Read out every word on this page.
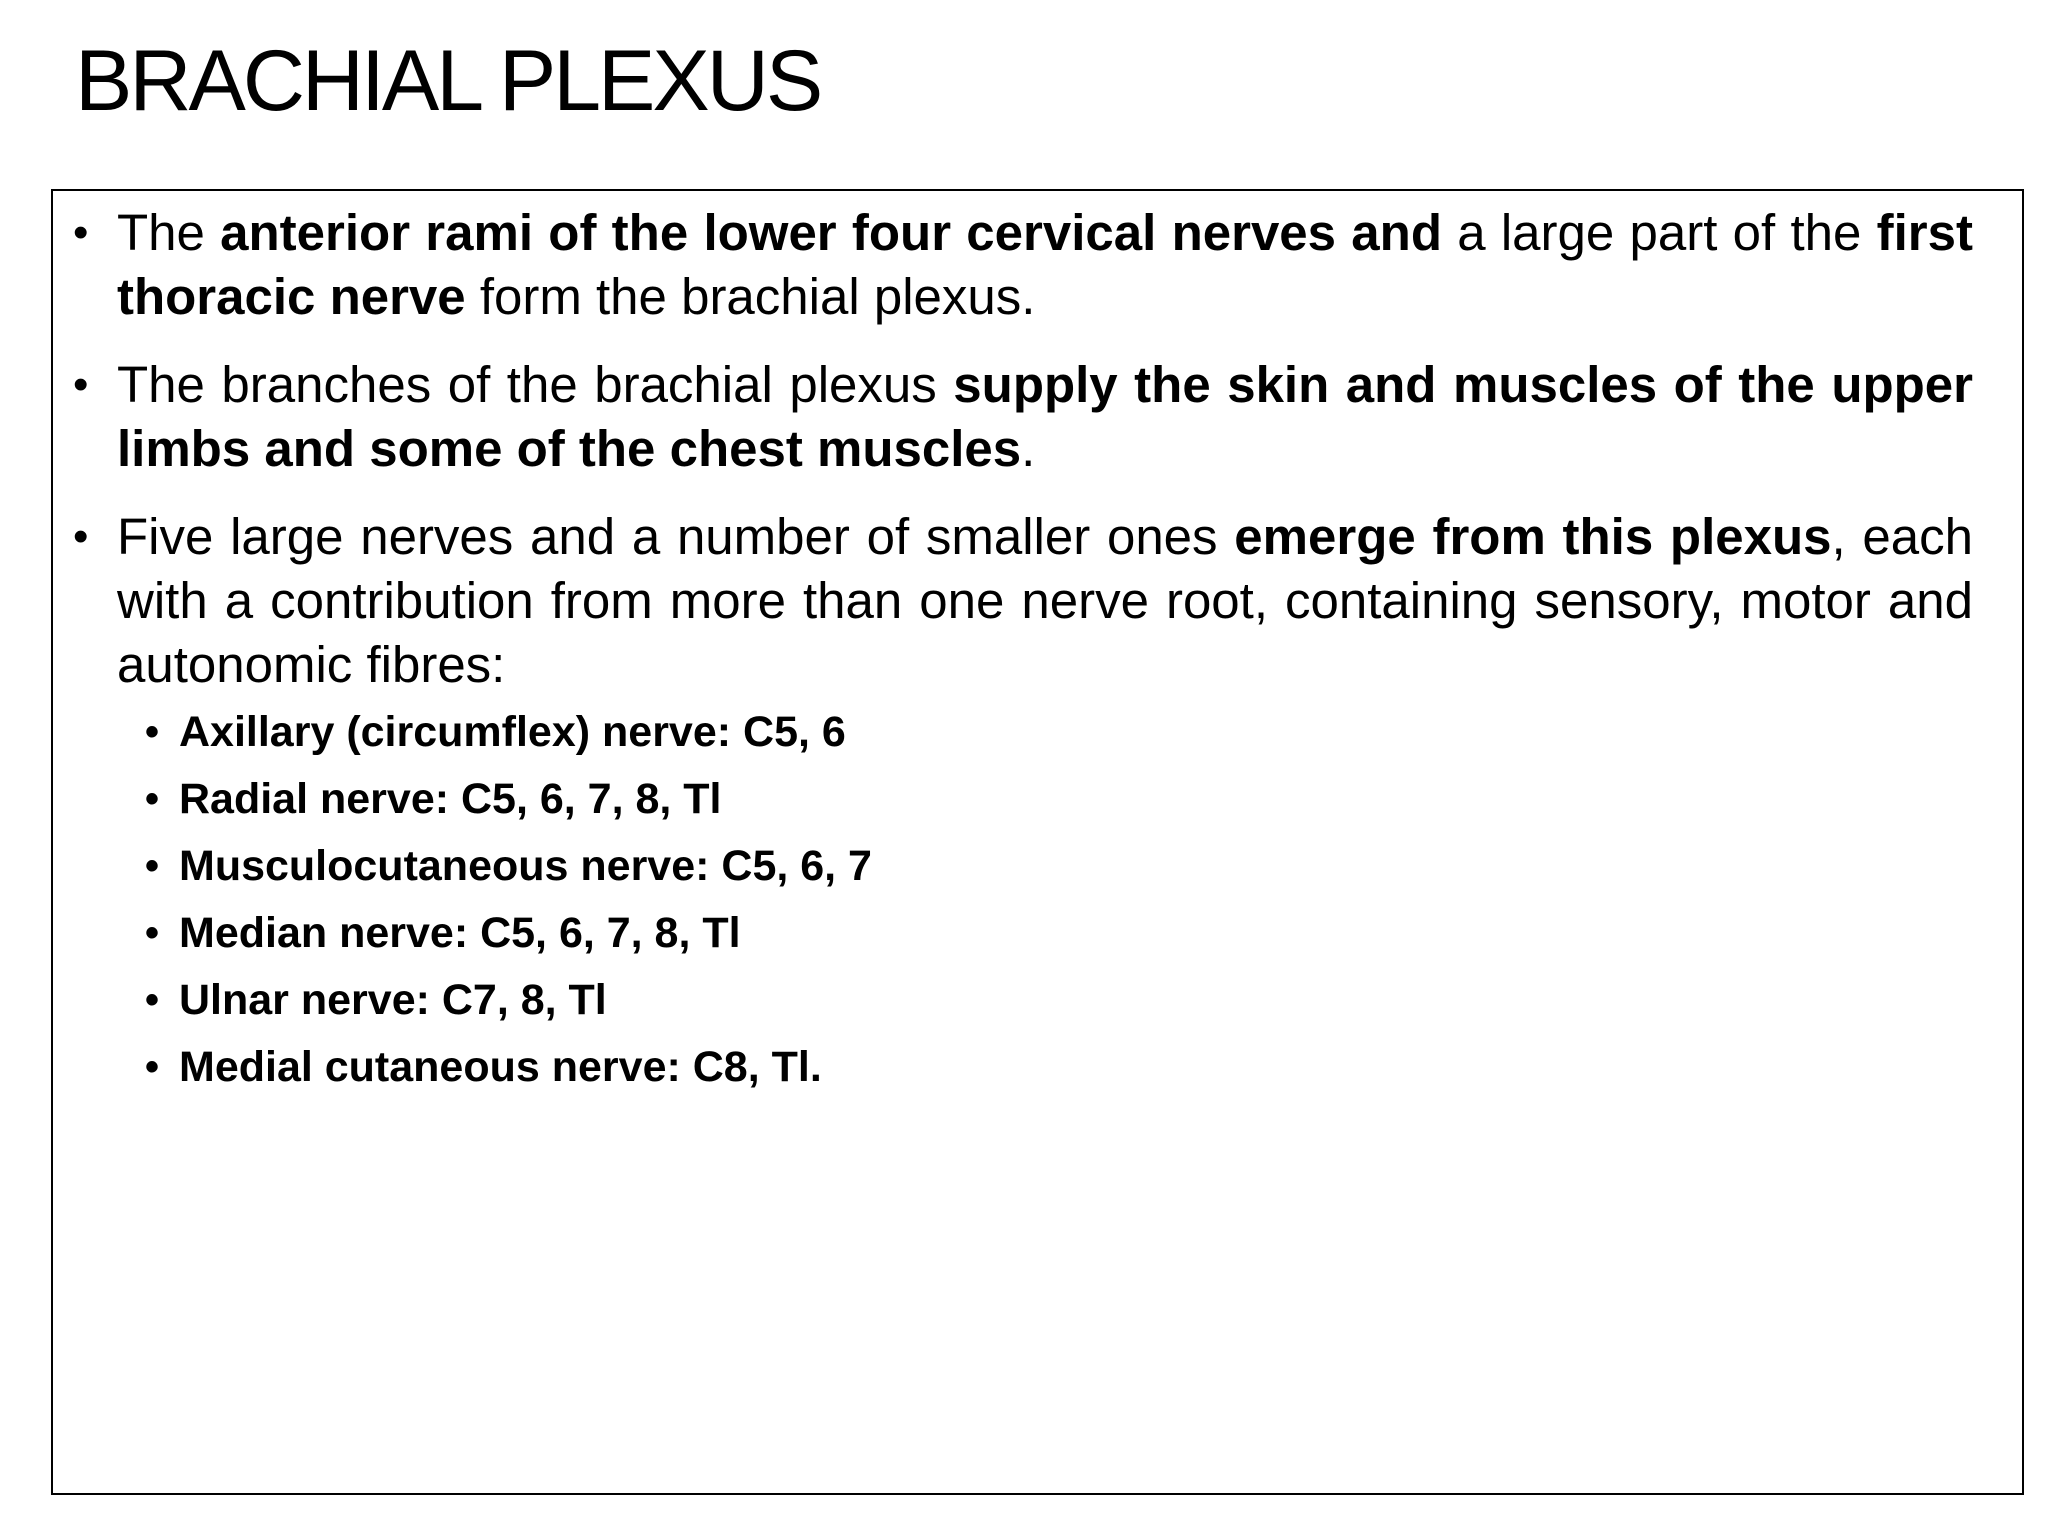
BRACHIAL PLEXUS
• The anterior rami of the lower four cervical nerves and a large part of the first thoracic nerve form the brachial plexus.
• The branches of the brachial plexus supply the skin and muscles of the upper limbs and some of the chest muscles.
• Five large nerves and a number of smaller ones emerge from this plexus, each with a contribution from more than one nerve root, containing sensory, motor and autonomic fibres:
• Axillary (circumflex) nerve: C5, 6
• Radial nerve: C5, 6, 7, 8, Tl
• Musculocutaneous nerve: C5, 6, 7
• Median nerve: C5, 6, 7, 8, Tl
• Ulnar nerve: C7, 8, Tl
• Medial cutaneous nerve: C8, Tl.
